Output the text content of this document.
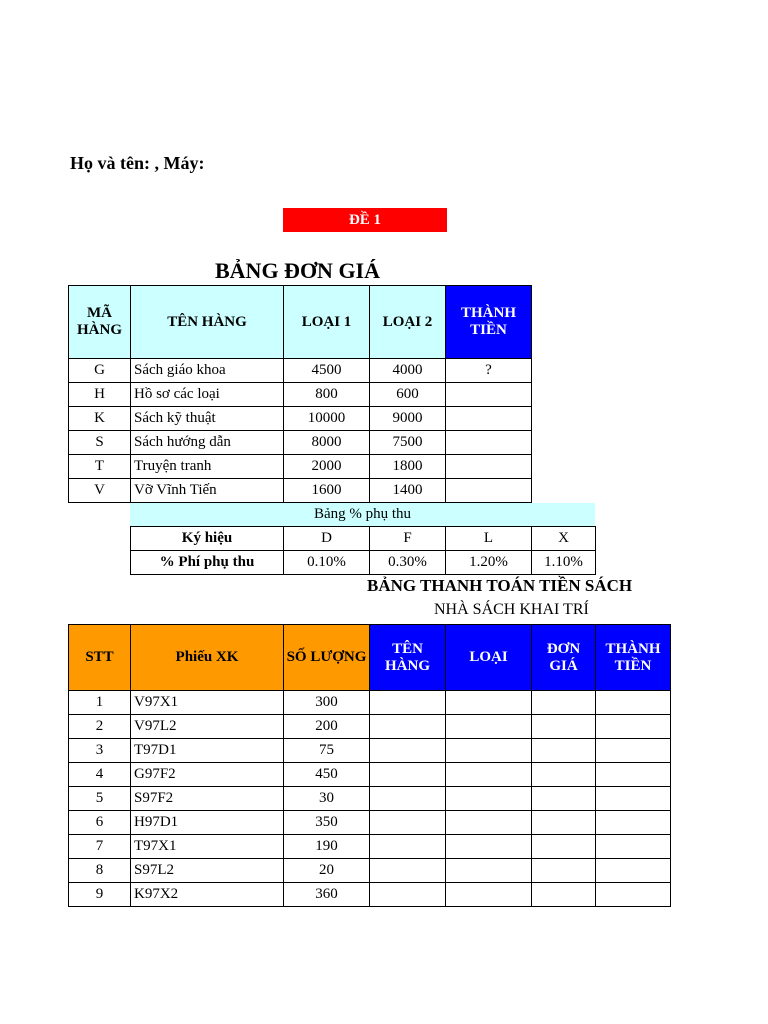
Họ và tên: , Máy:
ĐỀ 1
BẢNG ĐƠN GIÁ
MÃ HÀNG	TÊN HÀNG	LOẠI 1	LOẠI 2	THÀNH TIỀN
G	Sách giáo khoa	4500	4000	?
H	Hồ sơ các loại	800	600	
K	Sách kỹ thuật	10000	9000	
S	Sách hướng dẫn	8000	7500	
T	Truyện tranh	2000	1800	
V	Vỡ Vĩnh Tiến	1600	1400	
Bảng % phụ thu
Ký hiệu	D	F	L	X
% Phí phụ thu	0.10%	0.30%	1.20%	1.10%
BẢNG THANH TOÁN TIỀN SÁCH
NHÀ SÁCH KHAI TRÍ
STT	Phiếu XK	SỐ LƯỢNG	TÊN HÀNG	LOẠI	ĐƠN GIÁ	THÀNH TIỀN
1	V97X1	300				
2	V97L2	200				
3	T97D1	75				
4	G97F2	450				
5	S97F2	30				
6	H97D1	350				
7	T97X1	190				
8	S97L2	20				
9	K97X2	360				
